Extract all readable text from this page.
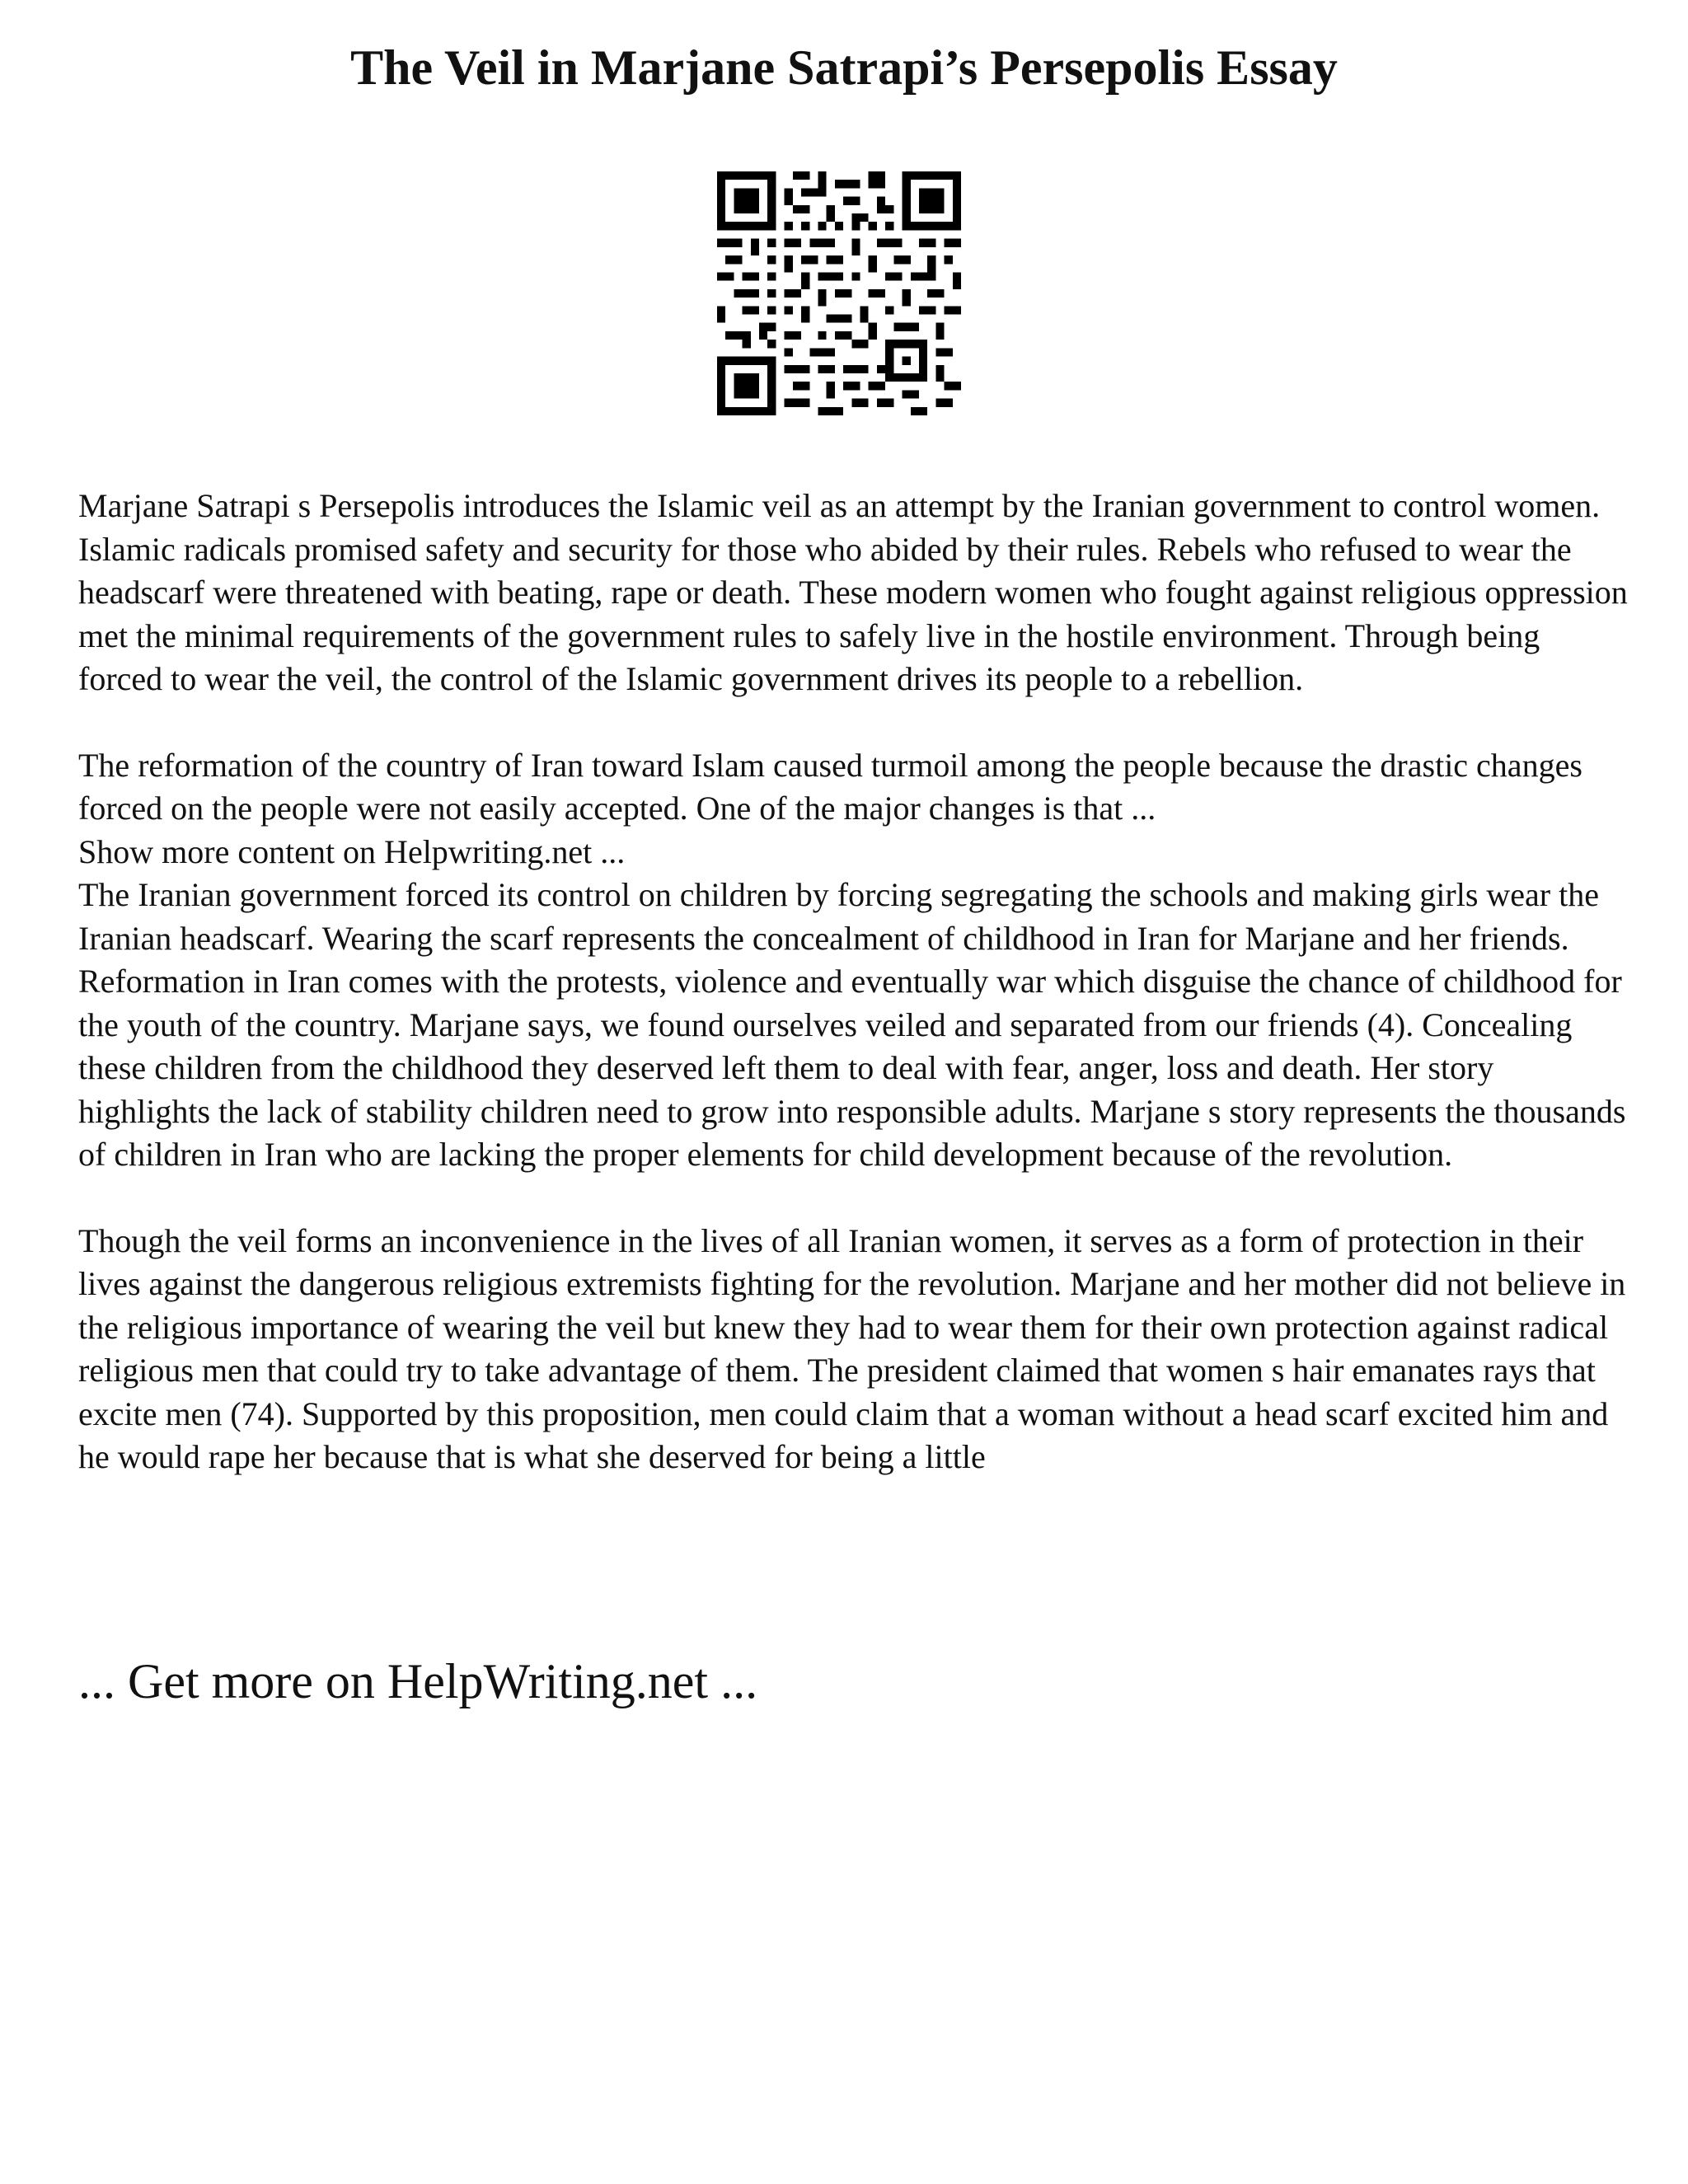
The Veil in Marjane Satrapi’s Persepolis Essay

Marjane Satrapi s Persepolis introduces the Islamic veil as an attempt by the Iranian government to control women. Islamic radicals promised safety and security for those who abided by their rules. Rebels who refused to wear the headscarf were threatened with beating, rape or death. These modern women who fought against religious oppression met the minimal requirements of the government rules to safely live in the hostile environment. Through being forced to wear the veil, the control of the Islamic government drives its people to a rebellion.

The reformation of the country of Iran toward Islam caused turmoil among the people because the drastic changes forced on the people were not easily accepted. One of the major changes is that ...

Show more content on Helpwriting.net ...

The Iranian government forced its control on children by forcing segregating the schools and making girls wear the Iranian headscarf. Wearing the scarf represents the concealment of childhood in Iran for Marjane and her friends. Reformation in Iran comes with the protests, violence and eventually war which disguise the chance of childhood for the youth of the country. Marjane says, we found ourselves veiled and separated from our friends (4). Concealing these children from the childhood they deserved left them to deal with fear, anger, loss and death. Her story highlights the lack of stability children need to grow into responsible adults. Marjane s story represents the thousands of children in Iran who are lacking the proper elements for child development because of the revolution.

Though the veil forms an inconvenience in the lives of all Iranian women, it serves as a form of protection in their lives against the dangerous religious extremists fighting for the revolution. Marjane and her mother did not believe in the religious importance of wearing the veil but knew they had to wear them for their own protection against radical religious men that could try to take advantage of them. The president claimed that women s hair emanates rays that excite men (74). Supported by this proposition, men could claim that a woman without a head scarf excited him and he would rape her because that is what she deserved for being a little

... Get more on HelpWriting.net ...
